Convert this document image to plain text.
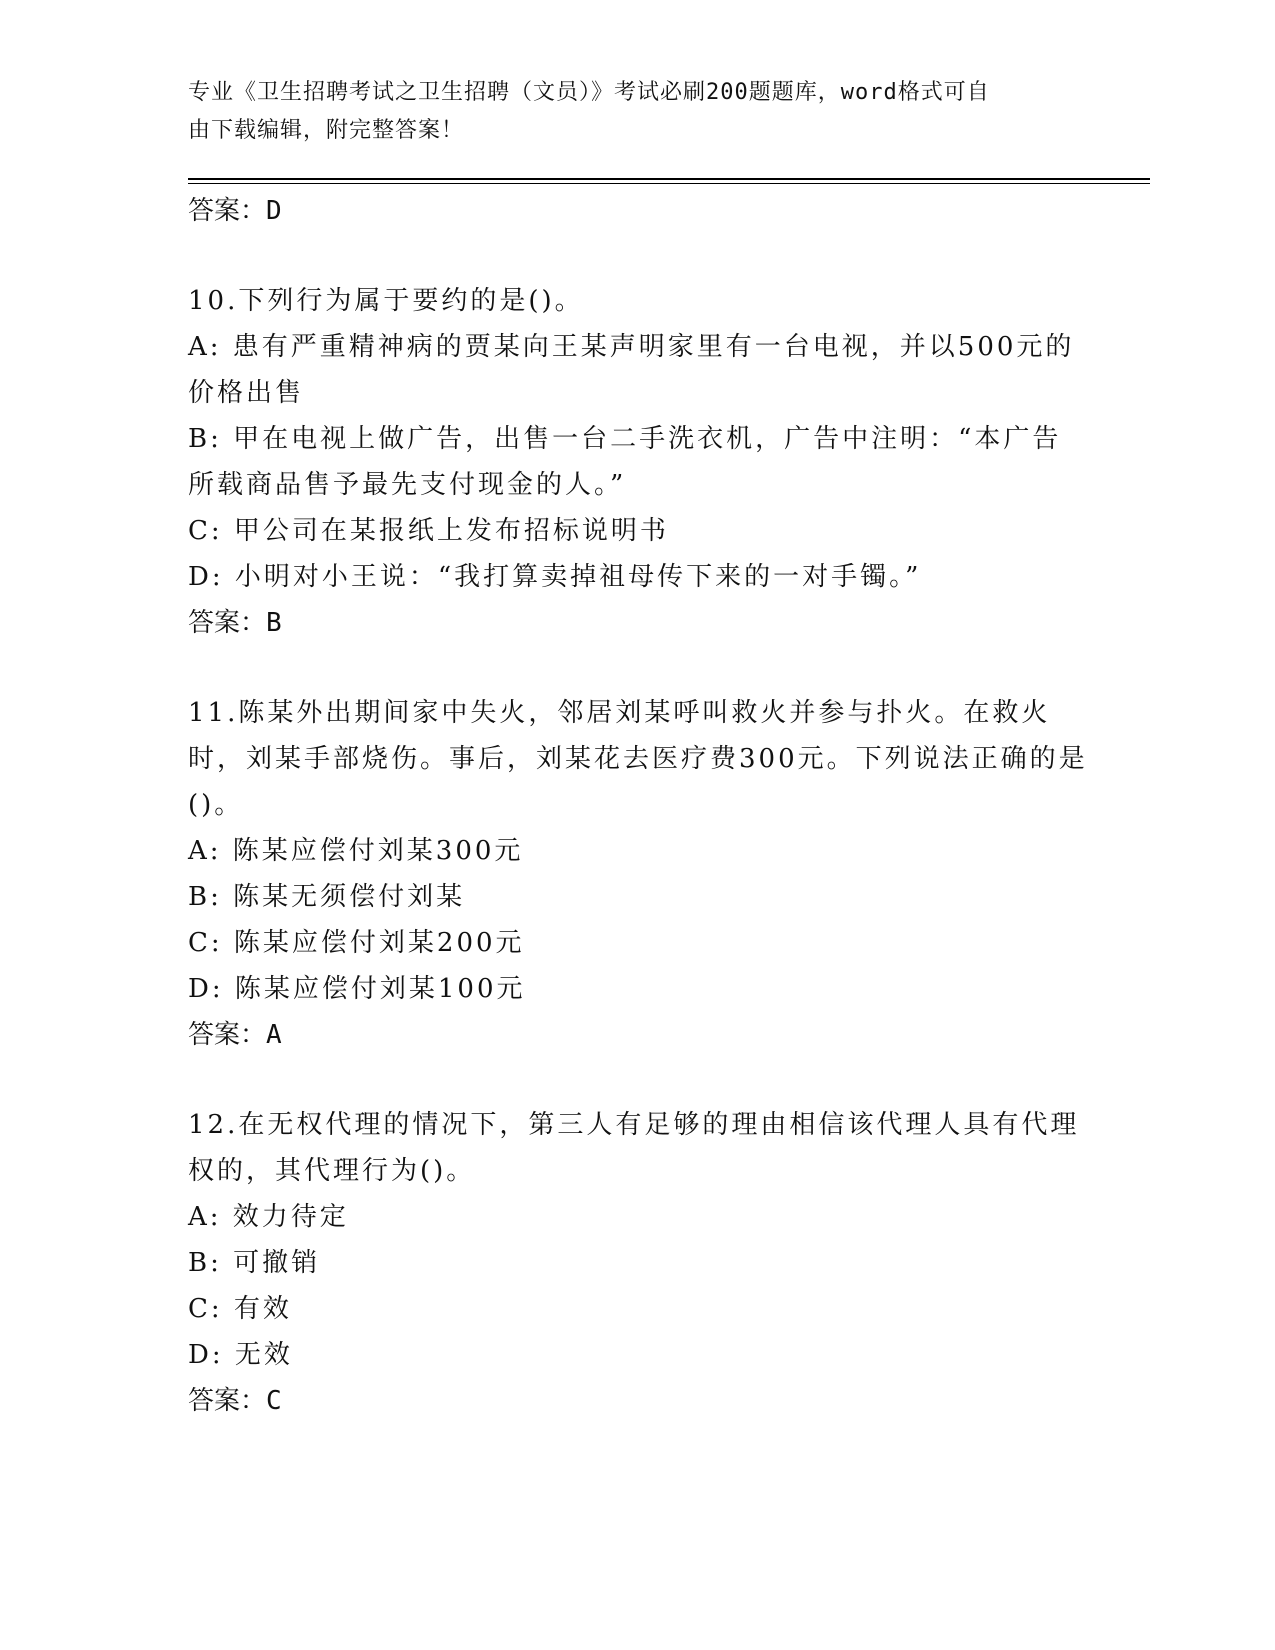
专业《卫生招聘考试之卫生招聘（文员）》考试必刷200题题库，word格式可自
由下载编辑，附完整答案！

答案：D

10.下列行为属于要约的是()。

A: 患有严重精神病的贾某向王某声明家里有一台电视，并以500元的价格出售

B: 甲在电视上做广告，出售一台二手洗衣机，广告中注明：“本广告所载商品售予最先支付现金的人。”

C: 甲公司在某报纸上发布招标说明书

D: 小明对小王说：“我打算卖掉祖母传下来的一对手镯。”

答案：B

11.陈某外出期间家中失火，邻居刘某呼叫救火并参与扑火。在救火时，刘某手部烧伤。事后，刘某花去医疗费300元。下列说法正确的是()。

A: 陈某应偿付刘某300元

B: 陈某无须偿付刘某

C: 陈某应偿付刘某200元

D: 陈某应偿付刘某100元

答案：A

12.在无权代理的情况下，第三人有足够的理由相信该代理人具有代理权的，其代理行为()。

A: 效力待定

B: 可撤销

C: 有效

D: 无效

答案：C
